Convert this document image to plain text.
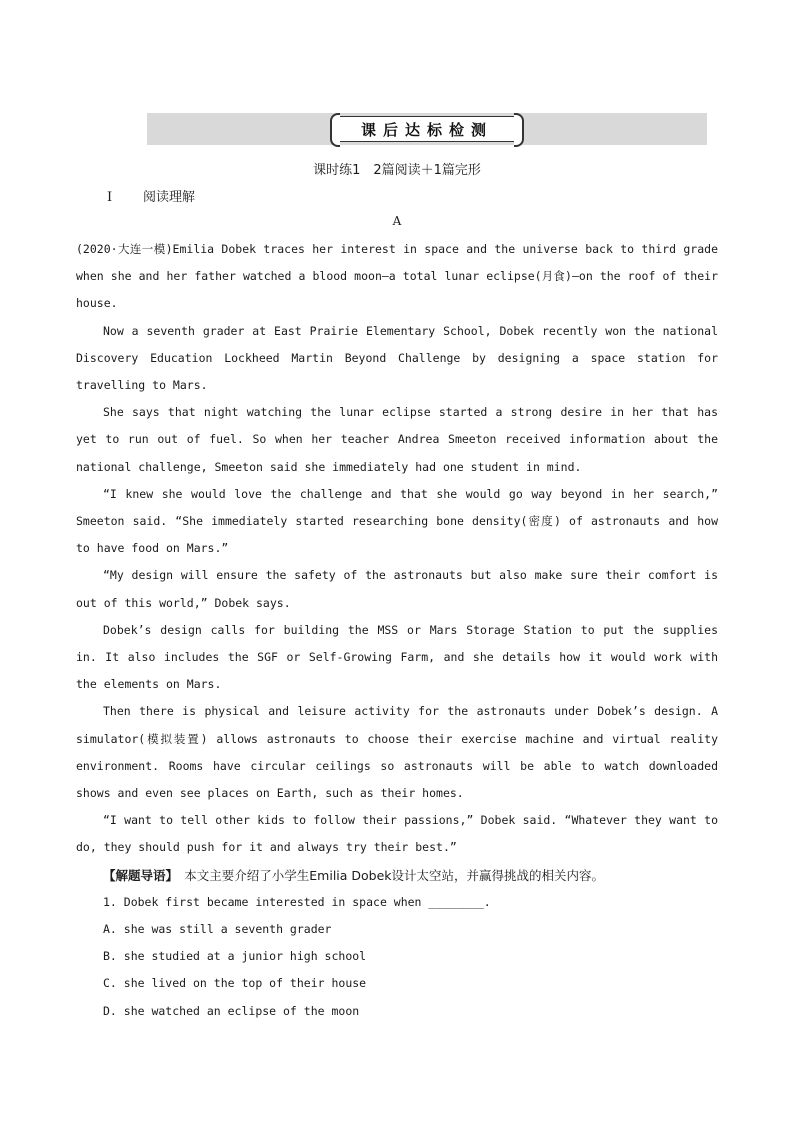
课后达标检测
课时练1　2篇阅读＋1篇完形
Ⅰ 阅读理解
A

(2020·大连一模)Emilia Dobek traces her interest in space and the universe back to third grade when she and her father watched a blood moon—a total lunar eclipse(月食)—on the roof of their house.

Now a seventh grader at East Prairie Elementary School, Dobek recently won the national Discovery Education Lockheed Martin Beyond Challenge by designing a space station for travelling to Mars.

She says that night watching the lunar eclipse started a strong desire in her that has yet to run out of fuel. So when her teacher Andrea Smeeton received information about the national challenge, Smeeton said she immediately had one student in mind.

“I knew she would love the challenge and that she would go way beyond in her search,” Smeeton said. “She immediately started researching bone density(密度) of astronauts and how to have food on Mars.”

“My design will ensure the safety of the astronauts but also make sure their comfort is out of this world,” Dobek says.

Dobek’s design calls for building the MSS or Mars Storage Station to put the supplies in. It also includes the SGF or Self-Growing Farm, and she details how it would work with the elements on Mars.

Then there is physical and leisure activity for the astronauts under Dobek’s design. A simulator(模拟装置) allows astronauts to choose their exercise machine and virtual reality environment. Rooms have circular ceilings so astronauts will be able to watch downloaded shows and even see places on Earth, such as their homes.

“I want to tell other kids to follow their passions,” Dobek said. “Whatever they want to do, they should push for it and always try their best.”

【解题导语】　本文主要介绍了小学生Emilia Dobek设计太空站，并赢得挑战的相关内容。

1. Dobek first became interested in space when ________.

A. she was still a seventh grader

B. she studied at a junior high school

C. she lived on the top of their house

D. she watched an eclipse of the moon
